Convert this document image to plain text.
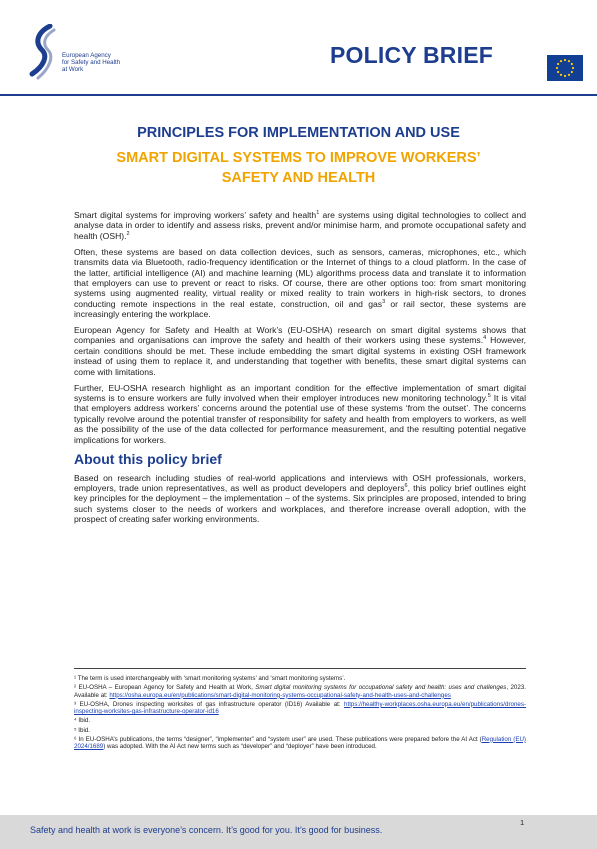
European Agency
for Safety and Health
at Work
POLICY BRIEF
PRINCIPLES FOR IMPLEMENTATION AND USE
SMART DIGITAL SYSTEMS TO IMPROVE WORKERS’
SAFETY AND HEALTH

Smart digital systems for improving workers’ safety and health$^1$ are systems using digital technologies to collect and analyse data in order to identify and assess risks, prevent and/or minimise harm, and promote occupational safety and health (OSH).$^2$

Often, these systems are based on data collection devices, such as sensors, cameras, microphones, etc., which transmits data via Bluetooth, radio-frequency identification or the Internet of things to a cloud platform. In the case of the latter, artificial intelligence (AI) and machine learning (ML) algorithms process data and translate it to information that employers can use to prevent or react to risks. Of course, there are other options too: from smart monitoring systems using augmented reality, virtual reality or mixed reality to train workers in high-risk sectors, to drones conducting remote inspections in the real estate, construction, oil and gas$^3$ or rail sector, these systems are increasingly entering the workplace.

European Agency for Safety and Health at Work’s (EU-OSHA) research on smart digital systems shows that companies and organisations can improve the safety and health of their workers using these systems.$^4$ However, certain conditions should be met. These include embedding the smart digital systems in existing OSH framework instead of using them to replace it, and understanding that together with benefits, these smart digital systems can come with limitations.

Further, EU-OSHA research highlight as an important condition for the effective implementation of smart digital systems is to ensure workers are fully involved when their employer introduces new monitoring technology.$^5$ It is vital that employers address workers’ concerns around the potential use of these systems ‘from the outset’. The concerns typically revolve around the potential transfer of responsibility for safety and health from employers to workers, as well as the possibility of the use of the data collected for performance measurement, and the resulting potential negative implications for workers.

About this policy brief

Based on research including studies of real-world applications and interviews with OSH professionals, workers, employers, trade union representatives, as well as product developers and deployers$^6$, this policy brief outlines eight key principles for the deployment – the implementation – of the systems. Six principles are proposed, intended to bring such systems closer to the needs of workers and workplaces, and therefore increase overall adoption, with the prospect of creating safer working environments.

¹ The term is used interchangeably with ‘smart monitoring systems’ and ‘smart monitoring systems’.

² EU-OSHA – European Agency for Safety and Health at Work, Smart digital monitoring systems for occupational safety and health: uses and challenges, 2023. Available at: https://osha.europa.eu/en/publications/smart-digital-monitoring-systems-occupational-safety-and-health-uses-and-challenges

³ EU-OSHA, Drones inspecting worksites of gas infrastructure operator (ID16) Available at: https://healthy-workplaces.osha.europa.eu/en/publications/drones-inspecting-worksites-gas-infrastructure-operator-id16

⁴ Ibid.

⁵ Ibid.

⁶ In EU-OSHA’s publications, the terms “designer”, “implementer” and “system user” are used. These publications were prepared before the AI Act (Regulation (EU) 2024/1689) was adopted. With the AI Act new terms such as “developer” and “deployer” have been introduced.

Safety and health at work is everyone’s concern. It’s good for you. It’s good for business.
1
